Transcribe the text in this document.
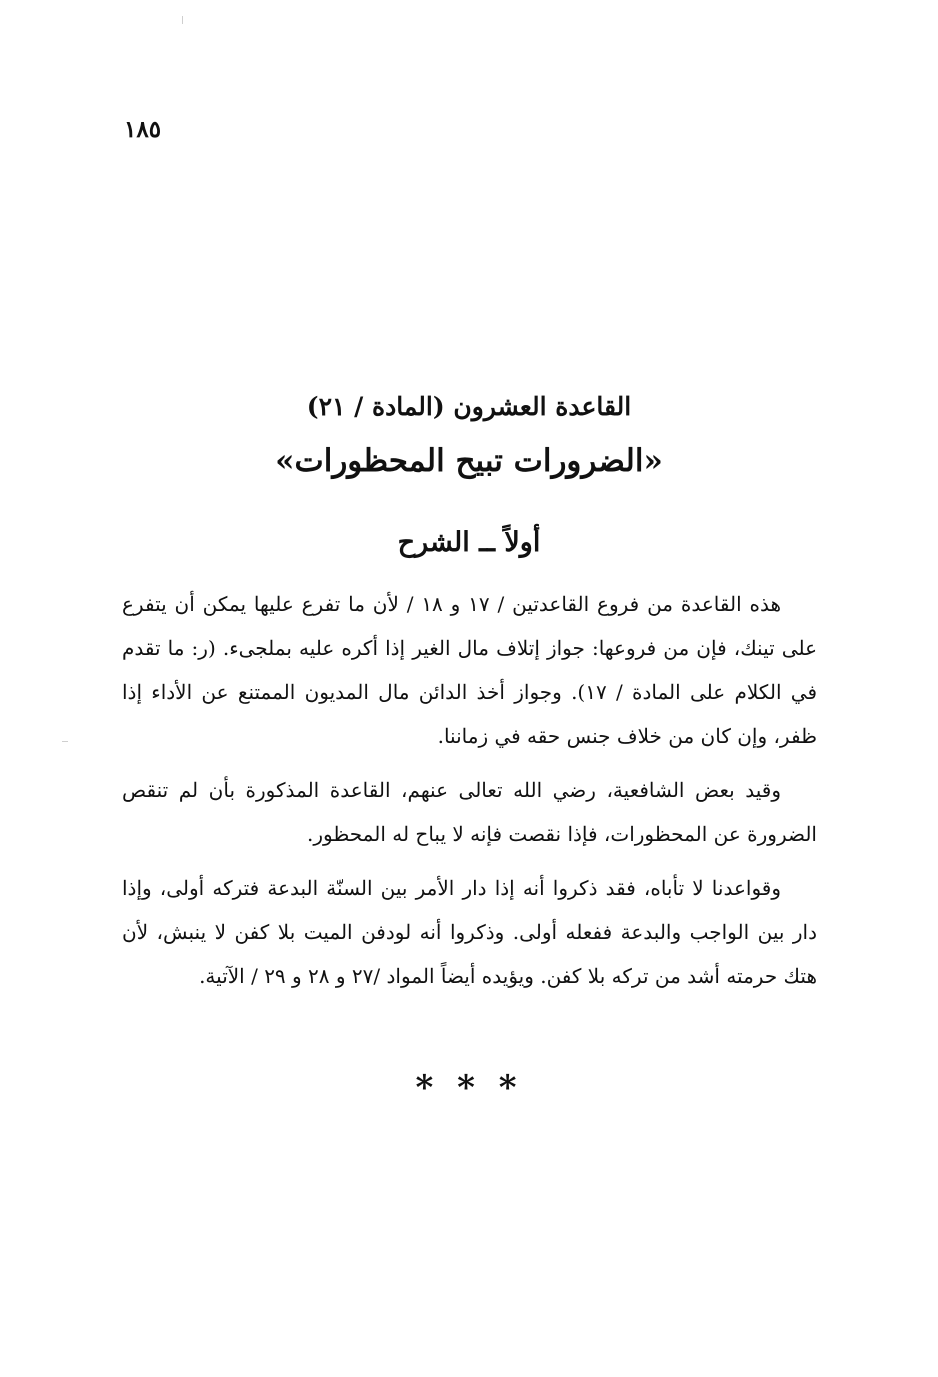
١٨٥
القاعدة العشرون (المادة / ٢١)
«الضرورات تبيح المحظورات»
أولاً ــ الشرح

هذه القاعدة من فروع القاعدتين / ١٧ و ١٨ / لأن ما تفرع عليها يمكن أن يتفرع على تينك، فإن من فروعها: جواز إتلاف مال الغير إذا أكره عليه بملجىء. (ر: ما تقدم في الكلام على المادة / ١٧). وجواز أخذ الدائن مال المديون الممتنع عن الأداء إذا ظفر، وإن كان من خلاف جنس حقه في زماننا.

وقيد بعض الشافعية، رضي الله تعالى عنهم، القاعدة المذكورة بأن لم تنقص الضرورة عن المحظورات، فإذا نقصت فإنه لا يباح له المحظور.

وقواعدنا لا تأباه، فقد ذكروا أنه إذا دار الأمر بين السنّة البدعة فتركه أولى، وإذا دار بين الواجب والبدعة ففعله أولى. وذكروا أنه لودفن الميت بلا كفن لا ينبش، لأن هتك حرمته أشد من تركه بلا كفن. ويؤيده أيضاً المواد /٢٧ و ٢٨ و ٢٩ / الآتية.

* * *
